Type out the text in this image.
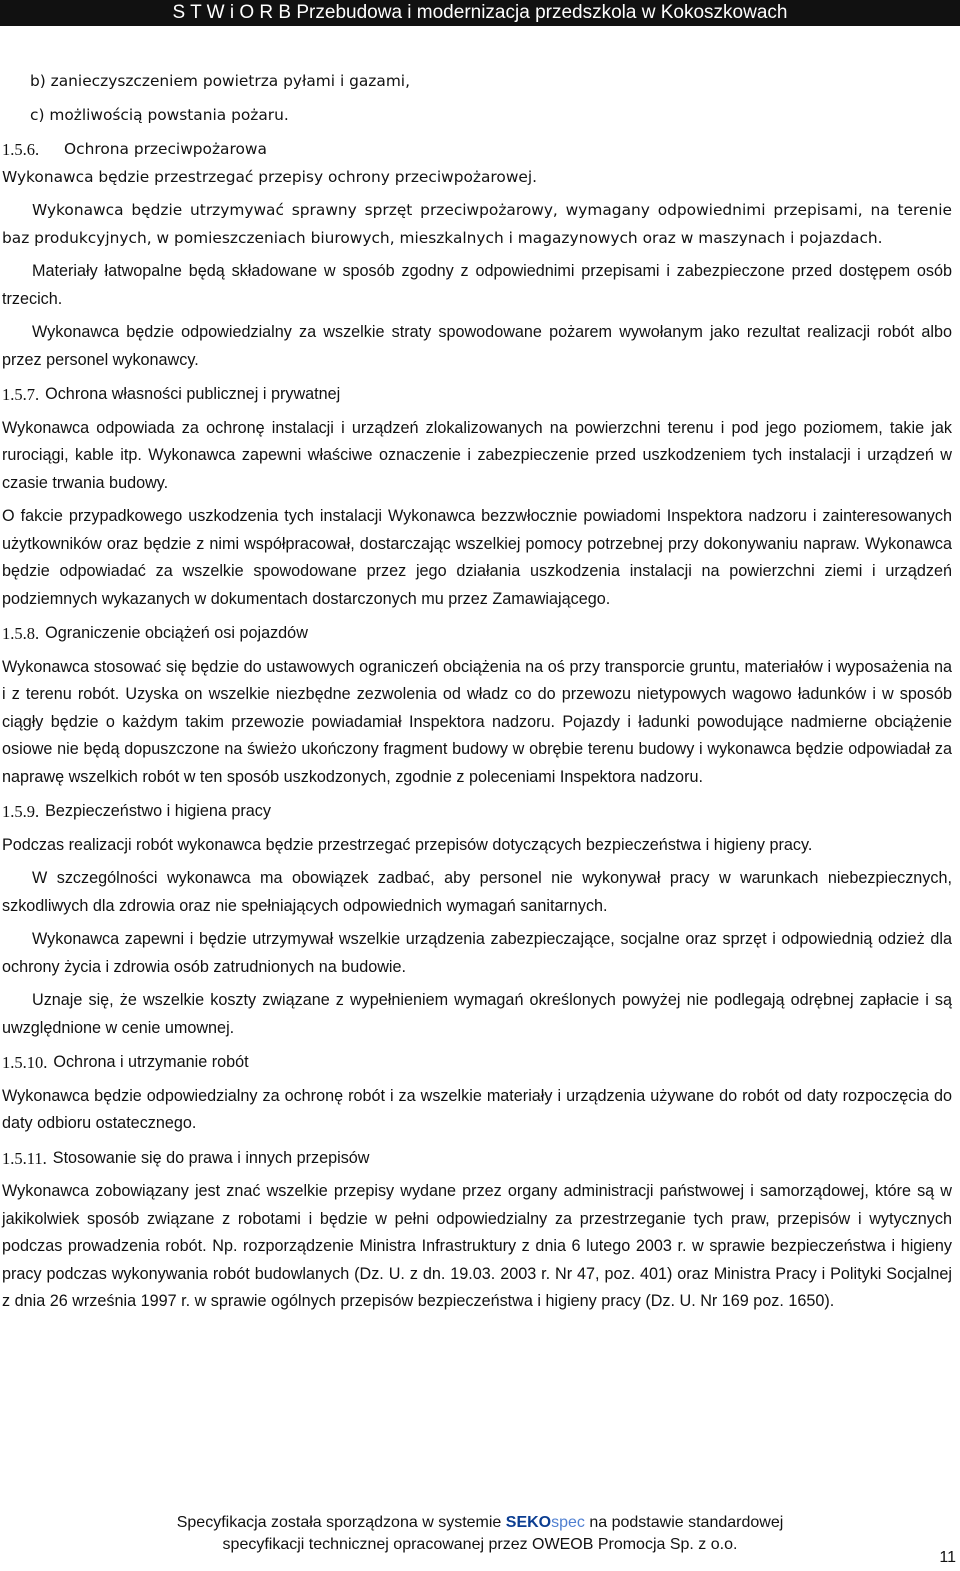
S T W i O R B Przebudowa i modernizacja przedszkola w Kokoszkowach

b) zanieczyszczeniem powietrza pyłami i gazami,

c) możliwością powstania pożaru.

1.5.6.	Ochrona przeciwpożarowa

Wykonawca będzie przestrzegać przepisy ochrony przeciwpożarowej.

Wykonawca będzie utrzymywać sprawny sprzęt przeciwpożarowy, wymagany odpowiednimi przepisami, na terenie baz produkcyjnych, w pomieszczeniach biurowych, mieszkalnych i magazynowych oraz w maszynach i pojazdach.

Materiały łatwopalne będą składowane w sposób zgodny z odpowiednimi przepisami i zabezpieczone przed dostępem osób trzecich.

Wykonawca będzie odpowiedzialny za wszelkie straty spowodowane pożarem wywołanym jako rezultat realizacji robót albo przez personel wykonawcy.

1.5.7. Ochrona własności publicznej i prywatnej

Wykonawca odpowiada za ochronę instalacji i urządzeń zlokalizowanych na powierzchni terenu i pod jego poziomem, takie jak rurociągi, kable itp. Wykonawca zapewni właściwe oznaczenie i zabezpieczenie przed uszkodzeniem tych instalacji i urządzeń w czasie trwania budowy.

O fakcie przypadkowego uszkodzenia tych instalacji Wykonawca bezzwłocznie powiadomi Inspektora nadzoru i zainteresowanych użytkowników oraz będzie z nimi współpracował, dostarczając wszelkiej pomocy potrzebnej przy dokonywaniu napraw. Wykonawca będzie odpowiadać za wszelkie spowodowane przez jego działania uszkodzenia instalacji na powierzchni ziemi i urządzeń podziemnych wykazanych w dokumentach dostarczonych mu przez Zamawiającego.

1.5.8. Ograniczenie obciążeń osi pojazdów

Wykonawca stosować się będzie do ustawowych ograniczeń obciążenia na oś przy transporcie gruntu, materiałów i wyposażenia na i z terenu robót. Uzyska on wszelkie niezbędne zezwolenia od władz co do przewozu nietypowych wagowo ładunków i w sposób ciągły będzie o każdym takim przewozie powiadamiał Inspektora nadzoru. Pojazdy i ładunki powodujące nadmierne obciążenie osiowe nie będą dopuszczone na świeżo ukończony fragment budowy w obrębie terenu budowy i wykonawca będzie odpowiadał za naprawę wszelkich robót w ten sposób uszkodzonych, zgodnie z poleceniami Inspektora nadzoru.

1.5.9. Bezpieczeństwo i higiena pracy

Podczas realizacji robót wykonawca będzie przestrzegać przepisów dotyczących bezpieczeństwa i higieny pracy.

W szczególności wykonawca ma obowiązek zadbać, aby personel nie wykonywał pracy w warunkach niebezpiecznych, szkodliwych dla zdrowia oraz nie spełniających odpowiednich wymagań sanitarnych.

Wykonawca zapewni i będzie utrzymywał wszelkie urządzenia zabezpieczające, socjalne oraz sprzęt i odpowiednią odzież dla ochrony życia i zdrowia osób zatrudnionych na budowie.

Uznaje się, że wszelkie koszty związane z wypełnieniem wymagań określonych powyżej nie podlegają odrębnej zapłacie i są uwzględnione w cenie umownej.

1.5.10. Ochrona i utrzymanie robót

Wykonawca będzie odpowiedzialny za ochronę robót i za wszelkie materiały i urządzenia używane do robót od daty rozpoczęcia do daty odbioru ostatecznego.

1.5.11. Stosowanie się do prawa i innych przepisów

Wykonawca zobowiązany jest znać wszelkie przepisy wydane przez organy administracji państwowej i samorządowej, które są w jakikolwiek sposób związane z robotami i będzie w pełni odpowiedzialny za przestrzeganie tych praw, przepisów i wytycznych podczas prowadzenia robót. Np. rozporządzenie Ministra Infrastruktury z dnia 6 lutego 2003 r. w sprawie bezpieczeństwa i higieny pracy podczas wykonywania robót budowlanych (Dz. U. z dn. 19.03. 2003 r. Nr 47, poz. 401) oraz Ministra Pracy i Polityki Socjalnej z dnia 26 września 1997 r. w sprawie ogólnych przepisów bezpieczeństwa i higieny pracy (Dz. U. Nr 169 poz. 1650).

Specyfikacja została sporządzona w systemie SEKOspec na podstawie standardowej
specyfikacji technicznej opracowanej przez OWEOB Promocja Sp. z o.o.
11
